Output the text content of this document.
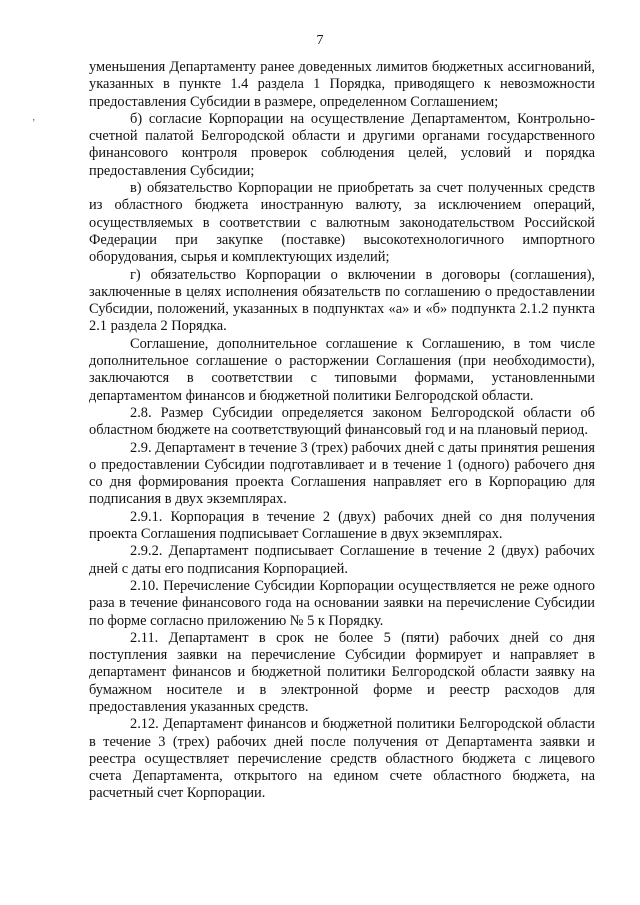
7
ʼ

уменьшения Департаменту ранее доведенных лимитов бюджетных ассигнований, указанных в пункте 1.4 раздела 1 Порядка, приводящего к невозможности предоставления Субсидии в размере, определенном Соглашением;

б) согласие Корпорации на осуществление Департаментом, Контрольно-счетной палатой Белгородской области и другими органами государственного финансового контроля проверок соблюдения целей, условий и порядка предоставления Субсидии;

в) обязательство Корпорации не приобретать за счет полученных средств из областного бюджета иностранную валюту, за исключением операций, осуществляемых в соответствии с валютным законодательством Российской Федерации при закупке (поставке) высокотехнологичного импортного оборудования, сырья и комплектующих изделий;

г) обязательство Корпорации о включении в договоры (соглашения), заключенные в целях исполнения обязательств по соглашению о предоставлении Субсидии, положений, указанных в подпунктах «а» и «б» подпункта 2.1.2 пункта 2.1 раздела 2 Порядка.

Соглашение, дополнительное соглашение к Соглашению, в том числе дополнительное соглашение о расторжении Соглашения (при необходимости), заключаются в соответствии с типовыми формами, установленными департаментом финансов и бюджетной политики Белгородской области.

2.8. Размер Субсидии определяется законом Белгородской области об областном бюджете на соответствующий финансовый год и на плановый период.

2.9. Департамент в течение 3 (трех) рабочих дней с даты принятия решения о предоставлении Субсидии подготавливает и в течение 1 (одного) рабочего дня со дня формирования проекта Соглашения направляет его в Корпорацию для подписания в двух экземплярах.

2.9.1. Корпорация в течение 2 (двух) рабочих дней со дня получения проекта Соглашения подписывает Соглашение в двух экземплярах.

2.9.2. Департамент подписывает Соглашение в течение 2 (двух) рабочих дней с даты его подписания Корпорацией.

2.10. Перечисление Субсидии Корпорации осуществляется не реже одного раза в течение финансового года на основании заявки на перечисление Субсидии по форме согласно приложению № 5 к Порядку.

2.11. Департамент в срок не более 5 (пяти) рабочих дней со дня поступления заявки на перечисление Субсидии формирует и направляет в департамент финансов и бюджетной политики Белгородской области заявку на бумажном носителе и в электронной форме и реестр расходов для предоставления указанных средств.

2.12. Департамент финансов и бюджетной политики Белгородской области в течение 3 (трех) рабочих дней после получения от Департамента заявки и реестра осуществляет перечисление средств областного бюджета с лицевого счета Департамента, открытого на едином счете областного бюджета, на расчетный счет Корпорации.
